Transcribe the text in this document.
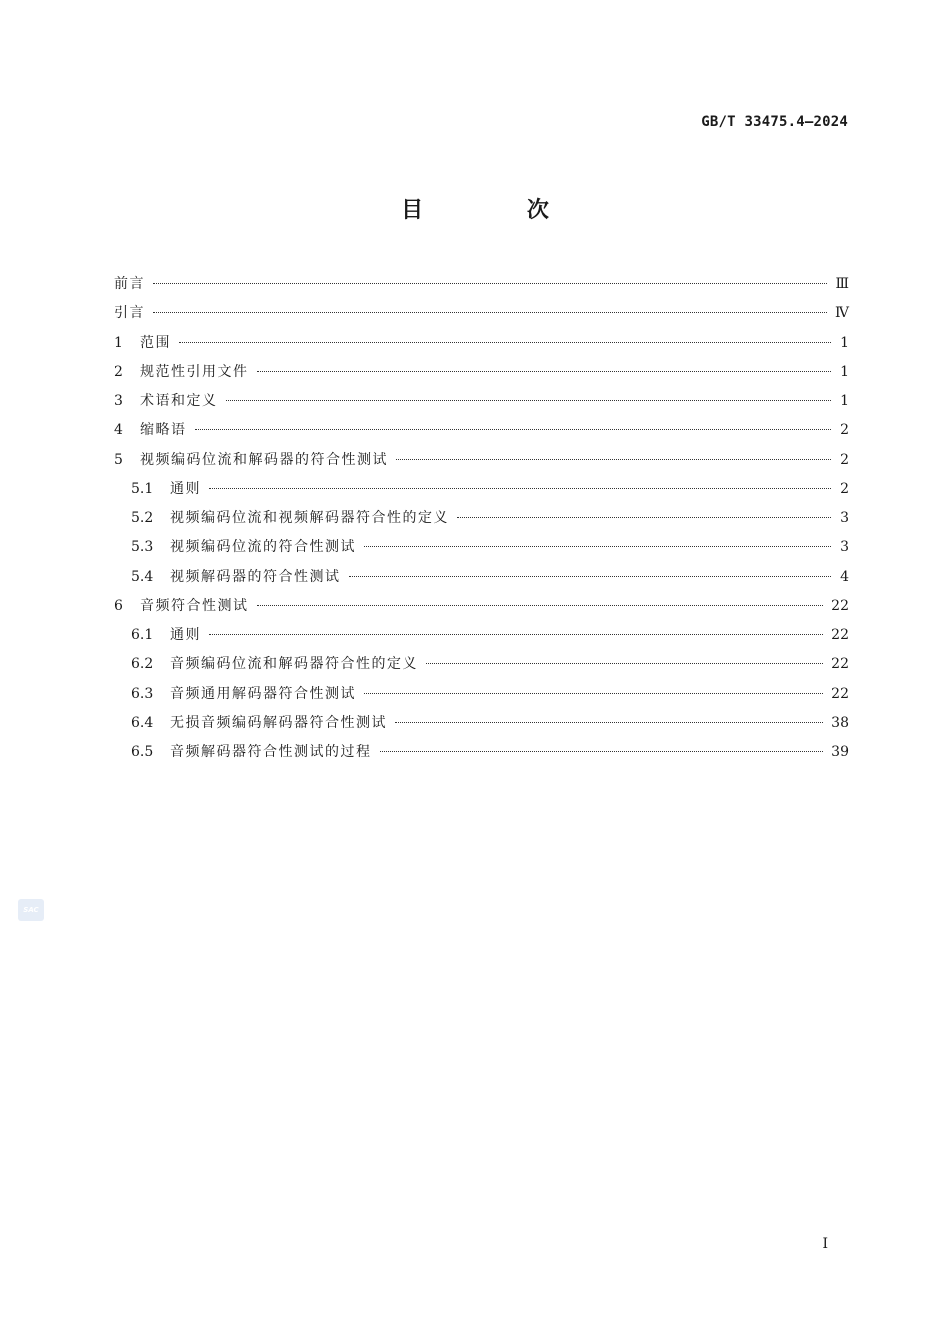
GB/T 33475.4—2024
目 次
前言	Ⅲ
引言	Ⅳ
1	范围	1
2	规范性引用文件	1
3	术语和定义	1
4	缩略语	2
5	视频编码位流和解码器的符合性测试	2
5.1	通则	2
5.2	视频编码位流和视频解码器符合性的定义	3
5.3	视频编码位流的符合性测试	3
5.4	视频解码器的符合性测试	4
6	音频符合性测试	22
6.1	通则	22
6.2	音频编码位流和解码器符合性的定义	22
6.3	音频通用解码器符合性测试	22
6.4	无损音频编码解码器符合性测试	38
6.5	音频解码器符合性测试的过程	39
SAC
I
